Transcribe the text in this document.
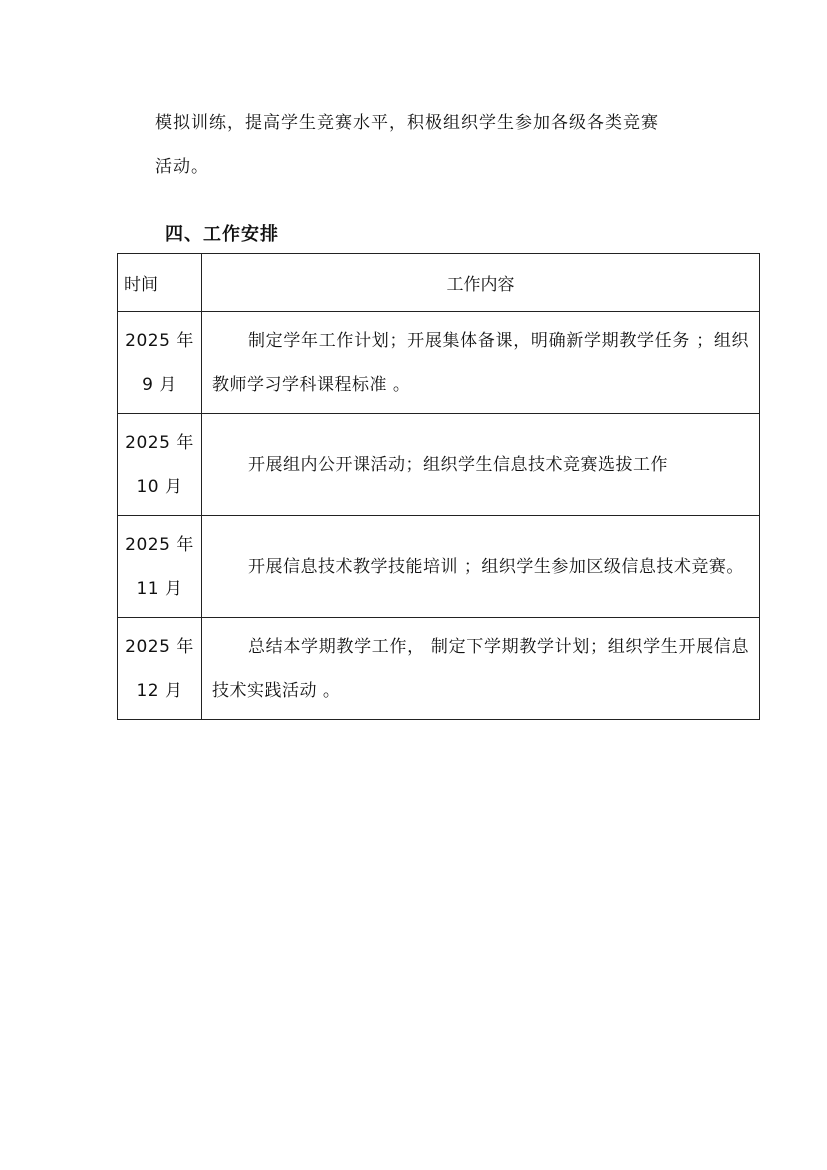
模拟训练，提高学生竞赛水平，积极组织学生参加各级各类竞赛
活动。
四、工作安排
时间	工作内容

2025 年
9 月	制定学年工作计划；开展集体备课，明确新学期教学任务 ；组织教师学习学科课程标准 。

2025 年
10 月	开展组内公开课活动；组织学生信息技术竞赛选拔工作

2025 年
11 月	开展信息技术教学技能培训 ；组织学生参加区级信息技术竞赛。

2025 年
12 月	总结本学期教学工作， 制定下学期教学计划；组织学生开展信息技术实践活动 。
